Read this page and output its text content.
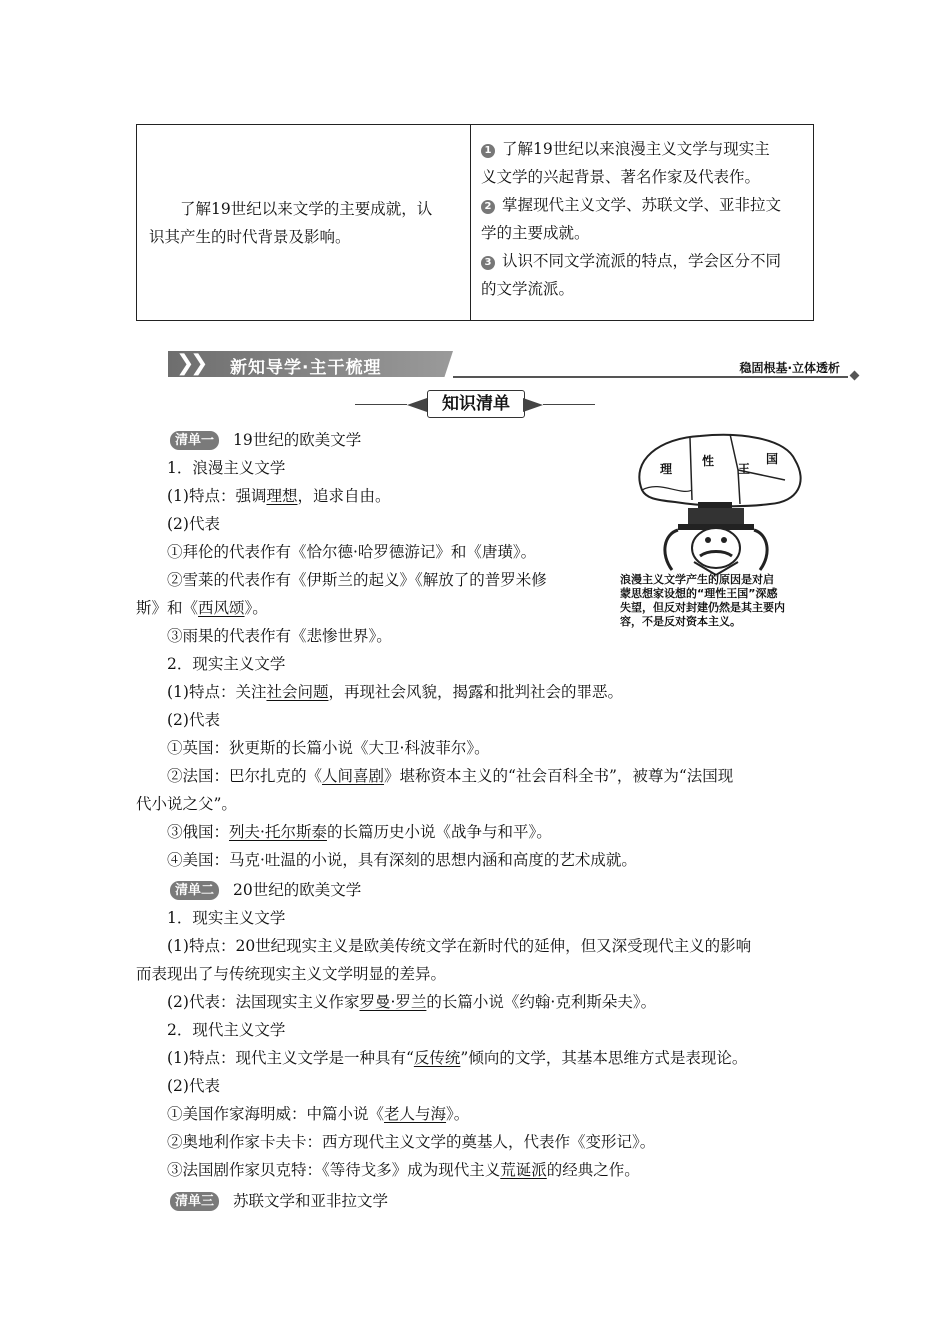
了解19世纪以来文学的主要成就，认
识其产生的时代背景及影响。
1 了解19世纪以来浪漫主义文学与现实主
义文学的兴起背景、著名作家及代表作。
2 掌握现代主义文学、苏联文学、亚非拉文
学的主要成就。
3 认识不同文学流派的特点，学会区分不同
的文学流派。
❯
❯ 新知导学·主干梳理	稳固根基·立体透析
知识清单
理
性
王
国
浪漫主义文学产生的原因是对启
蒙思想家设想的“理性王国”深感
失望，但反对封建仍然是其主要内
容，不是反对资本主义。
清单一 19世纪的欧美文学
1．浪漫主义文学
(1)特点：强调理想，追求自由。
(2)代表
①拜伦的代表作有《恰尔德·哈罗德游记》和《唐璜》。
②雪莱的代表作有《伊斯兰的起义》《解放了的普罗米修
斯》和《西风颂》。
③雨果的代表作有《悲惨世界》。
2．现实主义文学
(1)特点：关注社会问题，再现社会风貌，揭露和批判社会的罪恶。
(2)代表
①英国：狄更斯的长篇小说《大卫·科波菲尔》。
②法国：巴尔扎克的《人间喜剧》堪称资本主义的“社会百科全书”，被尊为“法国现
代小说之父”。
③俄国：列夫·托尔斯泰的长篇历史小说《战争与和平》。
④美国：马克·吐温的小说，具有深刻的思想内涵和高度的艺术成就。
清单二 20世纪的欧美文学
1．现实主义文学
(1)特点：20世纪现实主义是欧美传统文学在新时代的延伸，但又深受现代主义的影响
而表现出了与传统现实主义文学明显的差异。
(2)代表：法国现实主义作家罗曼·罗兰的长篇小说《约翰·克利斯朵夫》。
2．现代主义文学
(1)特点：现代主义文学是一种具有“反传统”倾向的文学，其基本思维方式是表现论。
(2)代表
①美国作家海明威：中篇小说《老人与海》。
②奥地利作家卡夫卡：西方现代主义文学的奠基人，代表作《变形记》。
③法国剧作家贝克特：《等待戈多》成为现代主义荒诞派的经典之作。
清单三 苏联文学和亚非拉文学
